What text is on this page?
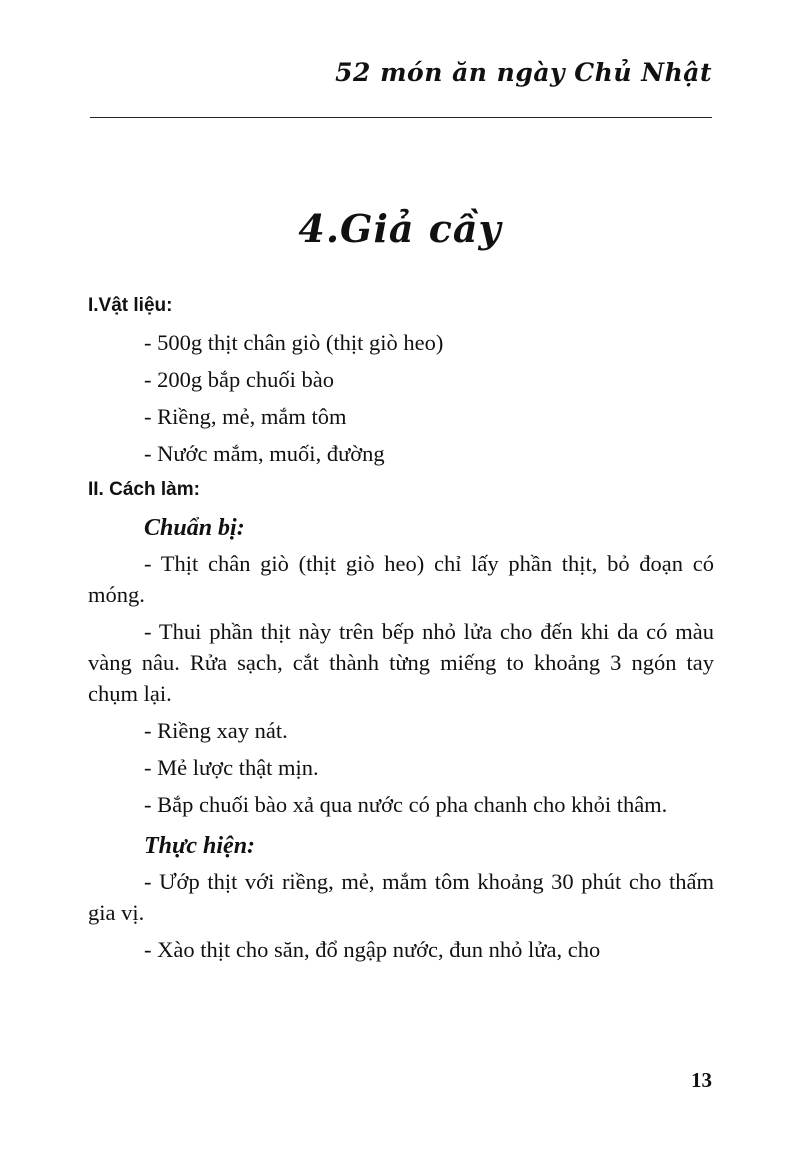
52 món ăn ngày Chủ Nhật
4.Giả cầy
I.Vật liệu:
- 500g thịt chân giò (thịt giò heo)
- 200g bắp chuối bào
- Riềng, mẻ, mắm tôm
- Nước mắm, muối, đường
II. Cách làm:
Chuẩn bị:

- Thịt chân giò (thịt giò heo) chỉ lấy phần thịt, bỏ đoạn có móng.

- Thui phần thịt này trên bếp nhỏ lửa cho đến khi da có màu vàng nâu. Rửa sạch, cắt thành từng miếng to khoảng 3 ngón tay chụm lại.

- Riềng xay nát.

- Mẻ lược thật mịn.

- Bắp chuối bào xả qua nước có pha chanh cho khỏi thâm.

Thực hiện:

- Ướp thịt với riềng, mẻ, mắm tôm khoảng 30 phút cho thấm gia vị.

- Xào thịt cho săn, đổ ngập nước, đun nhỏ lửa, cho

13
